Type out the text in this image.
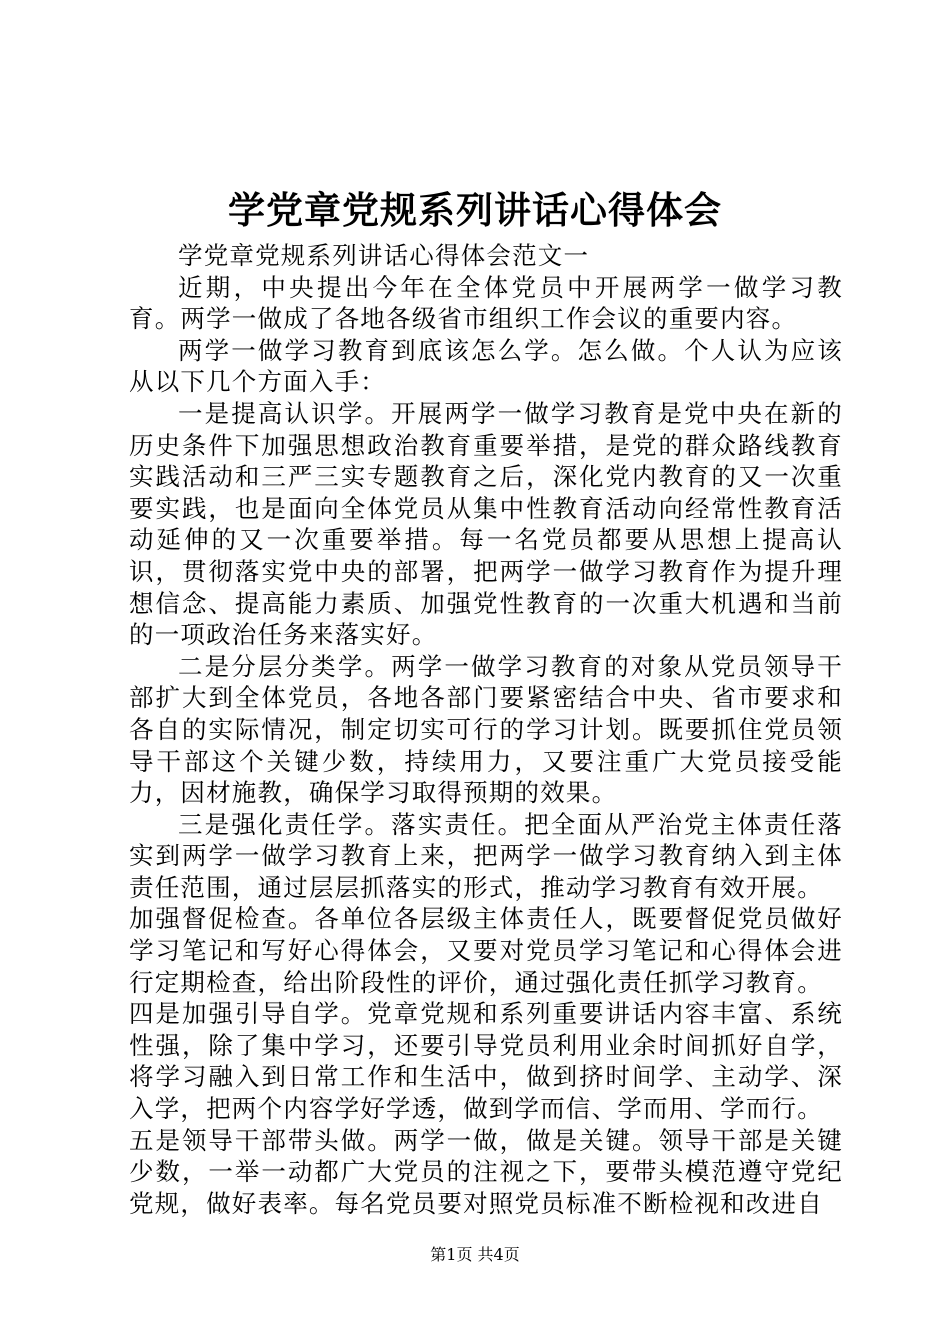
学党章党规系列讲话心得体会

学党章党规系列讲话心得体会范文一

近期，中央提出今年在全体党员中开展两学一做学习教育。两学一做成了各地各级省市组织工作会议的重要内容。

两学一做学习教育到底该怎么学。怎么做。个人认为应该从以下几个方面入手：

一是提高认识学。开展两学一做学习教育是党中央在新的历史条件下加强思想政治教育重要举措，是党的群众路线教育实践活动和三严三实专题教育之后，深化党内教育的又一次重要实践，也是面向全体党员从集中性教育活动向经常性教育活动延伸的又一次重要举措。每一名党员都要从思想上提高认识，贯彻落实党中央的部署，把两学一做学习教育作为提升理想信念、提高能力素质、加强党性教育的一次重大机遇和当前的一项政治任务来落实好。

二是分层分类学。两学一做学习教育的对象从党员领导干部扩大到全体党员，各地各部门要紧密结合中央、省市要求和各自的实际情况，制定切实可行的学习计划。既要抓住党员领导干部这个关键少数，持续用力，又要注重广大党员接受能力，因材施教，确保学习取得预期的效果。

三是强化责任学。落实责任。把全面从严治党主体责任落实到两学一做学习教育上来，把两学一做学习教育纳入到主体责任范围，通过层层抓落实的形式，推动学习教育有效开展。

加强督促检查。各单位各层级主体责任人，既要督促党员做好学习笔记和写好心得体会，又要对党员学习笔记和心得体会进行定期检查，给出阶段性的评价，通过强化责任抓学习教育。

四是加强引导自学。党章党规和系列重要讲话内容丰富、系统性强，除了集中学习，还要引导党员利用业余时间抓好自学，将学习融入到日常工作和生活中，做到挤时间学、主动学、深入学，把两个内容学好学透，做到学而信、学而用、学而行。

五是领导干部带头做。两学一做，做是关键。领导干部是关键少数，一举一动都广大党员的注视之下，要带头模范遵守党纪党规，做好表率。每名党员要对照党员标准不断检视和改进自

第1页 共4页
